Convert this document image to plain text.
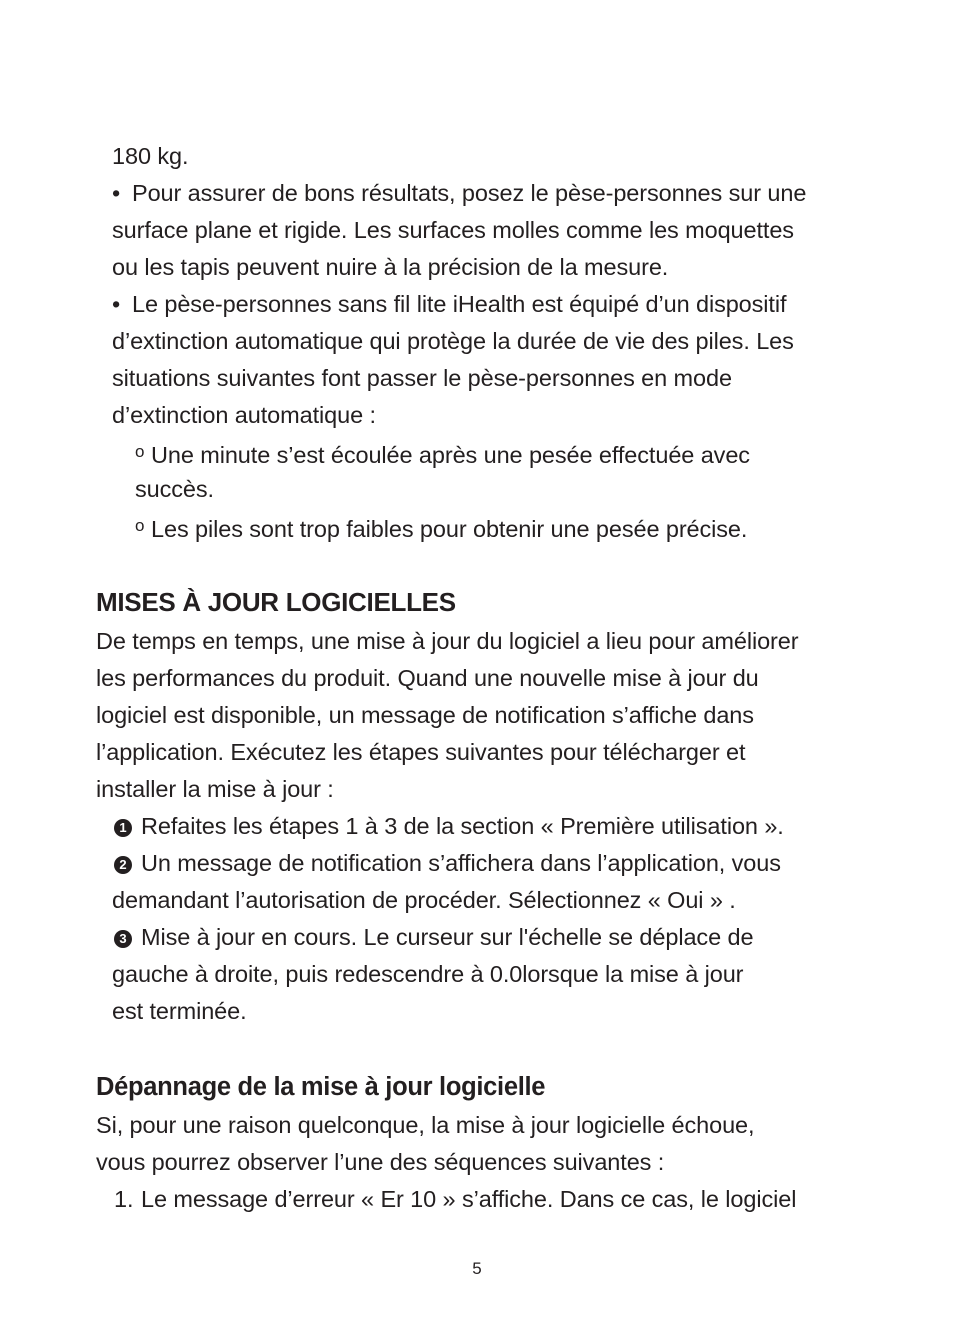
180 kg.
• Pour assurer de bons résultats, posez le pèse-personnes sur une
surface plane et rigide. Les surfaces molles comme les moquettes
ou les tapis peuvent nuire à la précision de la mesure.
• Le pèse-personnes sans fil lite iHealth est équipé d’un dispositif
d’extinction automatique qui protège la durée de vie des piles. Les
situations suivantes font passer le pèse-personnes en mode
d’extinction automatique :
o Une minute s’est écoulée après une pesée effectuée avec
succès.
o Les piles sont trop faibles pour obtenir une pesée précise.
MISES À JOUR LOGICIELLES
De temps en temps, une mise à jour du logiciel a lieu pour améliorer
les performances du produit. Quand une nouvelle mise à jour du
logiciel est disponible, un message de notification s’affiche dans
l’application. Exécutez les étapes suivantes pour télécharger et
installer la mise à jour :
1 Refaites les étapes 1 à 3 de la section « Première utilisation ».
2 Un message de notification s’affichera dans l’application, vous
demandant l’autorisation de procéder. Sélectionnez « Oui » .
3 Mise à jour en cours. Le curseur sur l'échelle se déplace de
gauche à droite, puis redescendre à 0.0lorsque la mise à jour
est terminée.
Dépannage de la mise à jour logicielle
Si, pour une raison quelconque, la mise à jour logicielle échoue,
vous pourrez observer l’une des séquences suivantes :
1. Le message d’erreur « Er 10 » s’affiche. Dans ce cas, le logiciel
5
